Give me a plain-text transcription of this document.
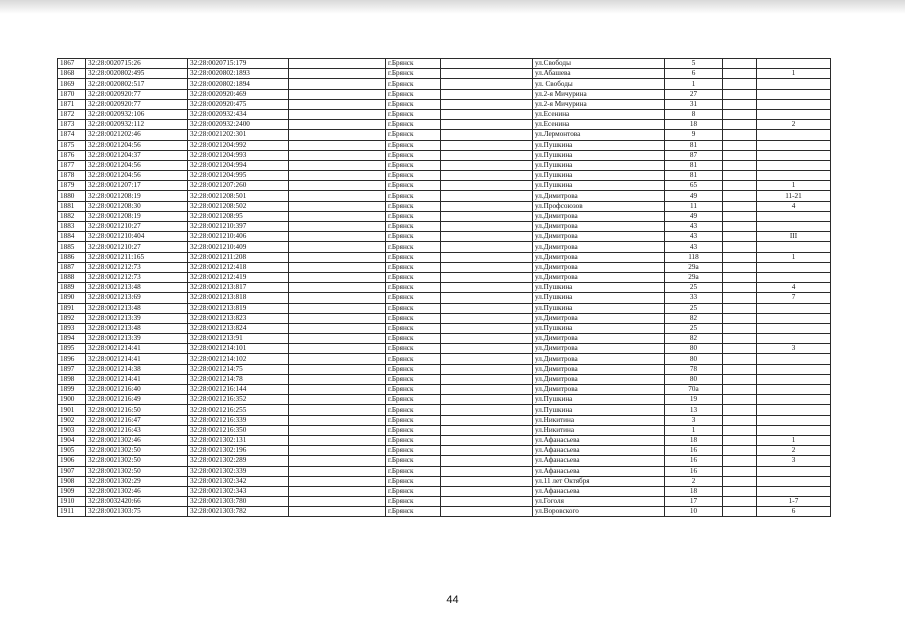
1867	32:28:0020715:26	32:28:0020715:179		г.Брянск		ул.Свободы	5		
1868	32:28:0020802:495	32:28:0020802:1893		г.Брянск		ул.Абашева	6		1
1869	32:28:0020802:517	32:28:0020802:1894		г.Брянск		ул. Свободы	1		
1870	32:28:0020920:77	32:28:0020920:469		г.Брянск		ул.2-я Мичурина	27		
1871	32:28:0020920:77	32:28:0020920:475		г.Брянск		ул.2-я Мичурина	31		
1872	32:28:0020932:106	32:28:0020932:434		г.Брянск		ул.Есенина	8		
1873	32:28:0020932:112	32:28:0020932:2400		г.Брянск		ул.Есенина	18		2
1874	32:28:0021202:46	32:28:0021202:301		г.Брянск		ул.Лермонтова	9		
1875	32:28:0021204:56	32:28:0021204:992		г.Брянск		ул.Пушкина	81		
1876	32:28:0021204:37	32:28:0021204:993		г.Брянск		ул.Пушкина	87		
1877	32:28:0021204:56	32:28:0021204:994		г.Брянск		ул.Пушкина	81		
1878	32:28:0021204:56	32:28:0021204:995		г.Брянск		ул.Пушкина	81		
1879	32:28:0021207:17	32:28:0021207:260		г.Брянск		ул.Пушкина	65		1
1880	32:28:0021208:19	32:28:0021208:501		г.Брянск		ул.Димитрова	49		11-21
1881	32:28:0021208:30	32:28:0021208:502		г.Брянск		ул.Профсоюзов	11		4
1882	32:28:0021208:19	32:28:0021208:95		г.Брянск		ул.Димитрова	49		
1883	32:28:0021210:27	32:28:0021210:397		г.Брянск		ул.Димитрова	43		
1884	32:28:0021210:404	32:28:0021210:406		г.Брянск		ул.Димитрова	43		III
1885	32:28:0021210:27	32:28:0021210:409		г.Брянск		ул.Димитрова	43		
1886	32:28:0021211:165	32:28:0021211:208		г.Брянск		ул.Димитрова	118		1
1887	32:28:0021212:73	32:28:0021212:418		г.Брянск		ул.Димитрова	29а		
1888	32:28:0021212:73	32:28:0021212:419		г.Брянск		ул.Димитрова	29а		
1889	32:28:0021213:48	32:28:0021213:817		г.Брянск		ул.Пушкина	25		4
1890	32:28:0021213:69	32:28:0021213:818		г.Брянск		ул.Пушкина	33		7
1891	32:28:0021213:48	32:28:0021213:819		г.Брянск		ул.Пушкина	25		
1892	32:28:0021213:39	32:28:0021213:823		г.Брянск		ул.Димитрова	82		
1893	32:28:0021213:48	32:28:0021213:824		г.Брянск		ул.Пушкина	25		
1894	32:28:0021213:39	32:28:0021213:91		г.Брянск		ул.Димитрова	82		
1895	32:28:0021214:41	32:28:0021214:101		г.Брянск		ул.Димитрова	80		3
1896	32:28:0021214:41	32:28:0021214:102		г.Брянск		ул.Димитрова	80		
1897	32:28:0021214:38	32:28:0021214:75		г.Брянск		ул.Димитрова	78		
1898	32:28:0021214:41	32:28:0021214:78		г.Брянск		ул.Димитрова	80		
1899	32:28:0021216:40	32:28:0021216:144		г.Брянск		ул.Димитрова	70а		
1900	32:28:0021216:49	32:28:0021216:352		г.Брянск		ул.Пушкина	19		
1901	32:28:0021216:50	32:28:0021216:255		г.Брянск		ул.Пушкина	13		
1902	32:28:0021216:47	32:28:0021216:339		г.Брянск		ул.Никитина	3		
1903	32:28:0021216:43	32:28:0021216:350		г.Брянск		ул.Никитина	1		
1904	32:28:0021302:46	32:28:0021302:131		г.Брянск		ул.Афанасьева	18		1
1905	32:28:0021302:50	32:28:0021302:196		г.Брянск		ул.Афанасьева	16		2
1906	32:28:0021302:50	32:28:0021302:289		г.Брянск		ул.Афанасьева	16		3
1907	32:28:0021302:50	32:28:0021302:339		г.Брянск		ул.Афанасьева	16		
1908	32:28:0021302:29	32:28:0021302:342		г.Брянск		ул.11 лет Октября	2		
1909	32:28:0021302:46	32:28:0021302:343		г.Брянск		ул.Афанасьева	18		
1910	32:28:0032420:66	32:28:0021303:780		г.Брянск		ул.Гоголя	17		1-7
1911	32:28:0021303:75	32:28:0021303:782		г.Брянск		ул.Воровского	10		6
44
